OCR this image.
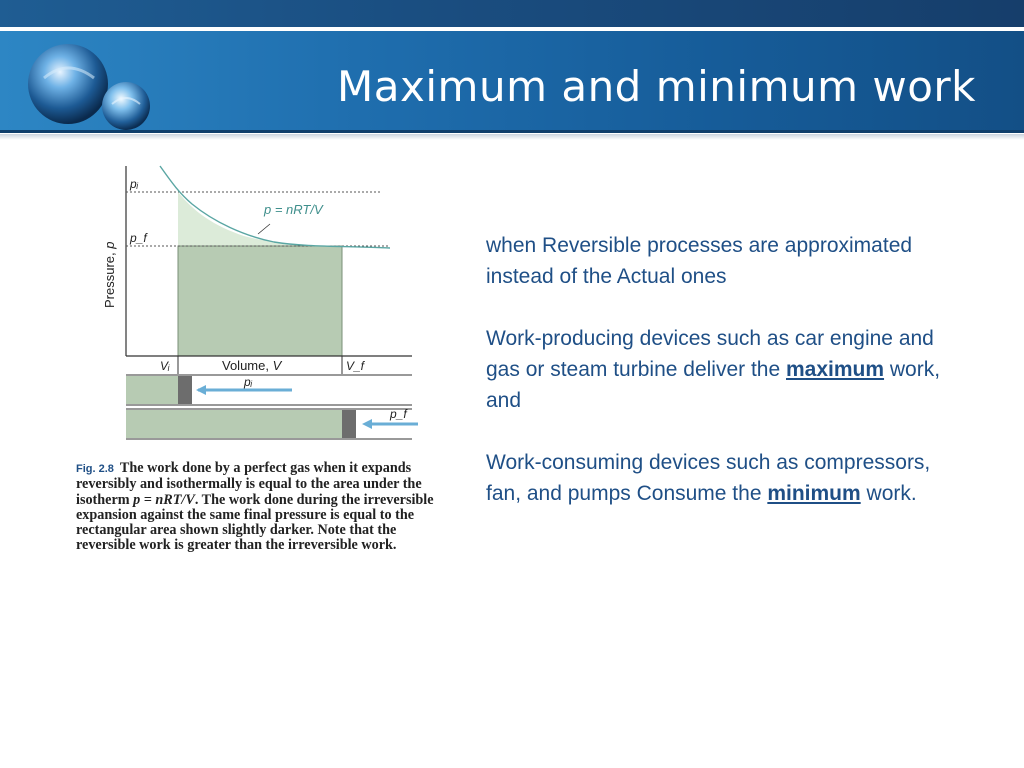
Maximum and minimum work
pᵢ
p_f
p = nRT/V
Pressure, p
Vᵢ	Volume, V	V_f
pᵢ
p_f
Fig. 2.8 The work done by a perfect gas when it expands reversibly and isothermally is equal to the area under the isotherm p = nRT/V. The work done during the irreversible expansion against the same final pressure is equal to the rectangular area shown slightly darker. Note that the reversible work is greater than the irreversible work.

when Reversible processes are approximated instead of the Actual ones

Work-producing devices such as car engine and gas or steam turbine deliver the maximum work, and

Work-consuming devices such as compressors, fan, and pumps Consume the minimum work.
